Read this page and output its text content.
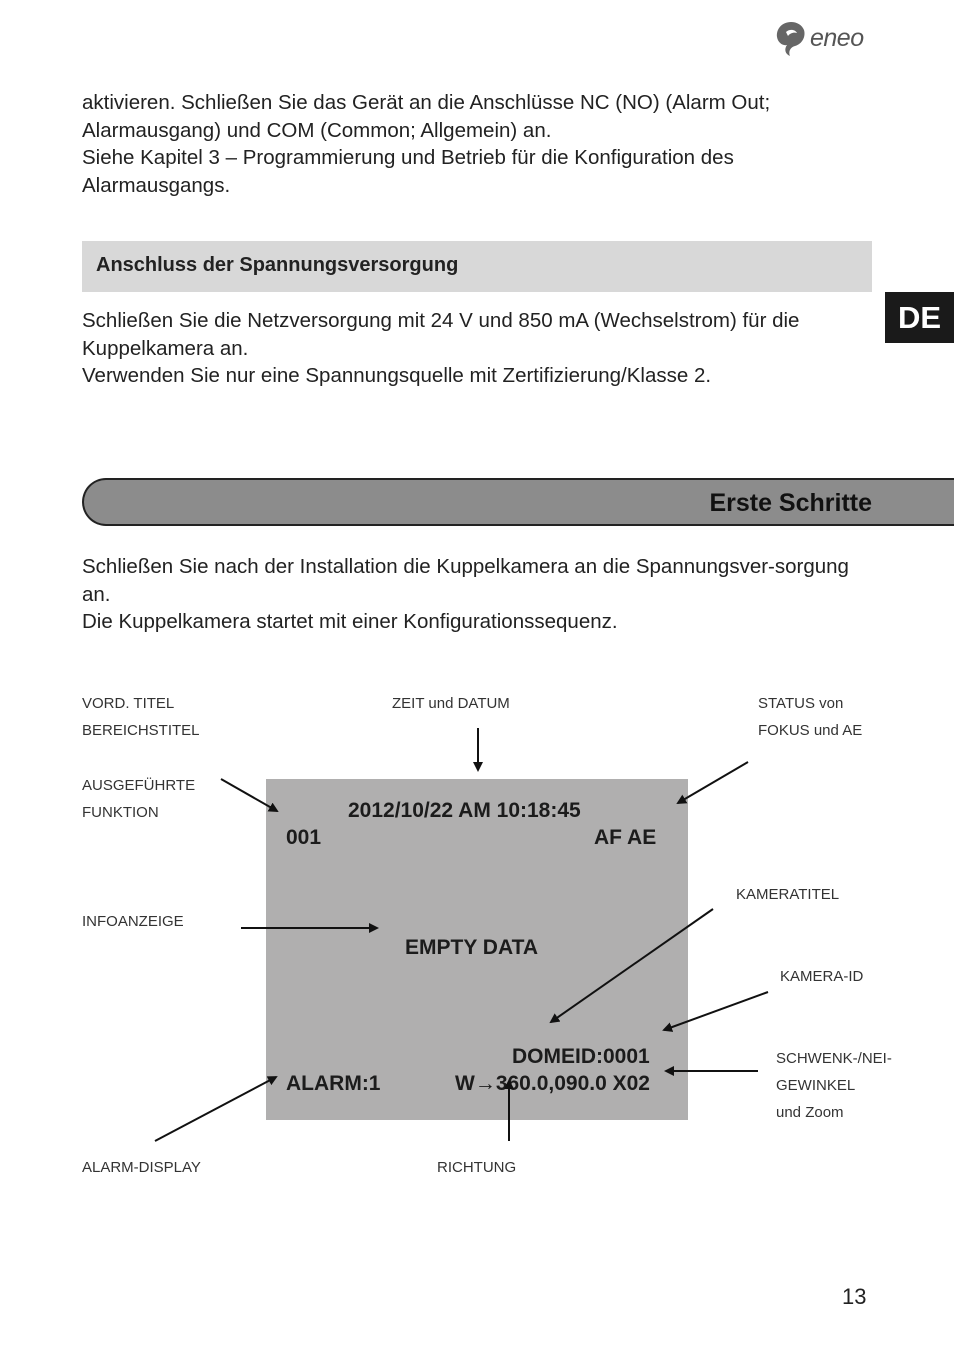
eneo

aktivieren. Schließen Sie das Gerät an die Anschlüsse NC (NO) (Alarm Out; Alarmausgang) und COM (Common; Allgemein) an.

Siehe Kapitel 3 – Programmierung und Betrieb für die Konfiguration des Alarmausgangs.

Anschluss der Spannungsversorgung
DE

Schließen Sie die Netzversorgung mit 24 V und 850 mA (Wechselstrom) für die Kuppelkamera an.

Verwenden Sie nur eine Spannungsquelle mit Zertifizierung/Klasse 2.

Erste Schritte

Schließen Sie nach der Installation die Kuppelkamera an die Spannungsver-sorgung an.

Die Kuppelkamera startet mit einer Konfigurationssequenz.

2012/10/22 AM 10:18:45
001	AF AE
EMPTY DATA
DOMEID:0001
ALARM:1	W→360.0,090.0 X02
VORD. TITEL
BEREICHSTITEL
ZEIT und DATUM	STATUS von
FOKUS und AE
AUSGEFÜHRTE
FUNKTION
KAMERATITEL
INFOANZEIGE
KAMERA-ID
SCHWENK-/NEI-
GEWINKEL
und Zoom
ALARM-DISPLAY	RICHTUNG
13
